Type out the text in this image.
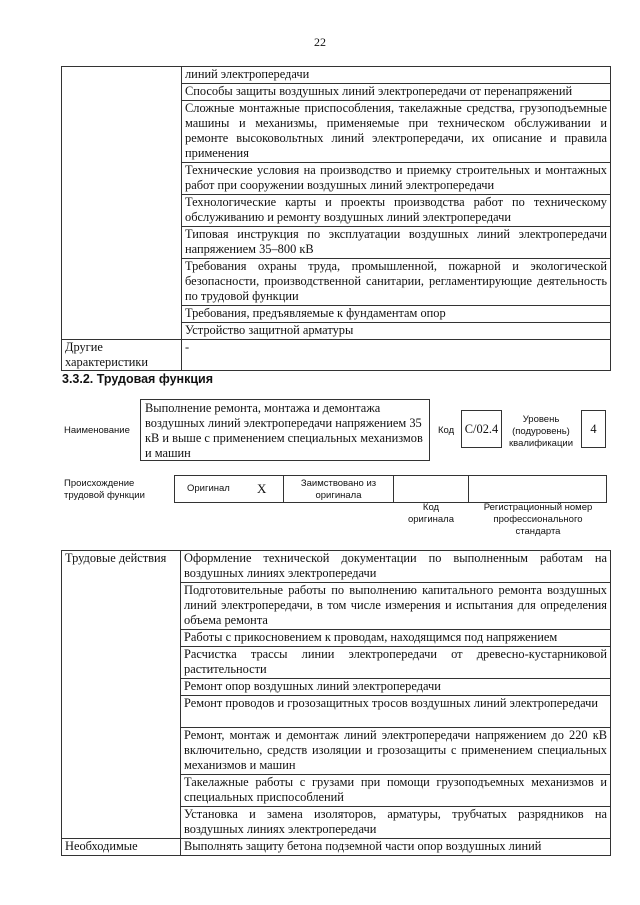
22
	линий электропередачи
	Способы защиты воздушных линий электропередачи от перенапряжений
	Сложные монтажные приспособления, такелажные средства, грузоподъемные машины и механизмы, применяемые при техническом обслуживании и ремонте высоковольтных линий электропередачи, их описание и правила применения
	Технические условия на производство и приемку строительных и монтажных работ при сооружении воздушных линий электропередачи
	Технологические карты и проекты производства работ по техническому обслуживанию и ремонту воздушных линий электропередачи
	Типовая инструкция по эксплуатации воздушных линий электропередачи напряжением 35–800 кВ
	Требования охраны труда, промышленной, пожарной и экологической безопасности, производственной санитарии, регламентирующие деятельность по трудовой функции
	Требования, предъявляемые к фундаментам опор
	Устройство защитной арматуры
Другие характеристики	-
3.3.2. Трудовая функция
Наименование
Выполнение ремонта, монтажа и демонтажа воздушных линий электропередачи напряжением 35 кВ и выше с применением специальных механизмов и машин
Код C/02.4
Уровень (подуровень) квалификации
4
Происхождение трудовой функции
Оригинал X	Заимствовано из оригинала
Код оригинала
Регистрационный номер профессионального стандарта
Трудовые действия	Оформление технической документации по выполненным работам на воздушных линиях электропередачи
	Подготовительные работы по выполнению капитального ремонта воздушных линий электропередачи, в том числе измерения и испытания для определения объема ремонта
	Работы с прикосновением к проводам, находящимся под напряжением
	Расчистка трассы линии электропередачи от древесно-кустарниковой растительности
	Ремонт опор воздушных линий электропередачи
	Ремонт проводов и грозозащитных тросов воздушных линий электропередачи
	Ремонт, монтаж и демонтаж линий электропередачи напряжением до 220 кВ включительно, средств изоляции и грозозащиты с применением специальных механизмов и машин
	Такелажные работы с грузами при помощи грузоподъемных механизмов и специальных приспособлений
	Установка и замена изоляторов, арматуры, трубчатых разрядников на воздушных линиях электропередачи
Необходимые	Выполнять защиту бетона подземной части опор воздушных линий
